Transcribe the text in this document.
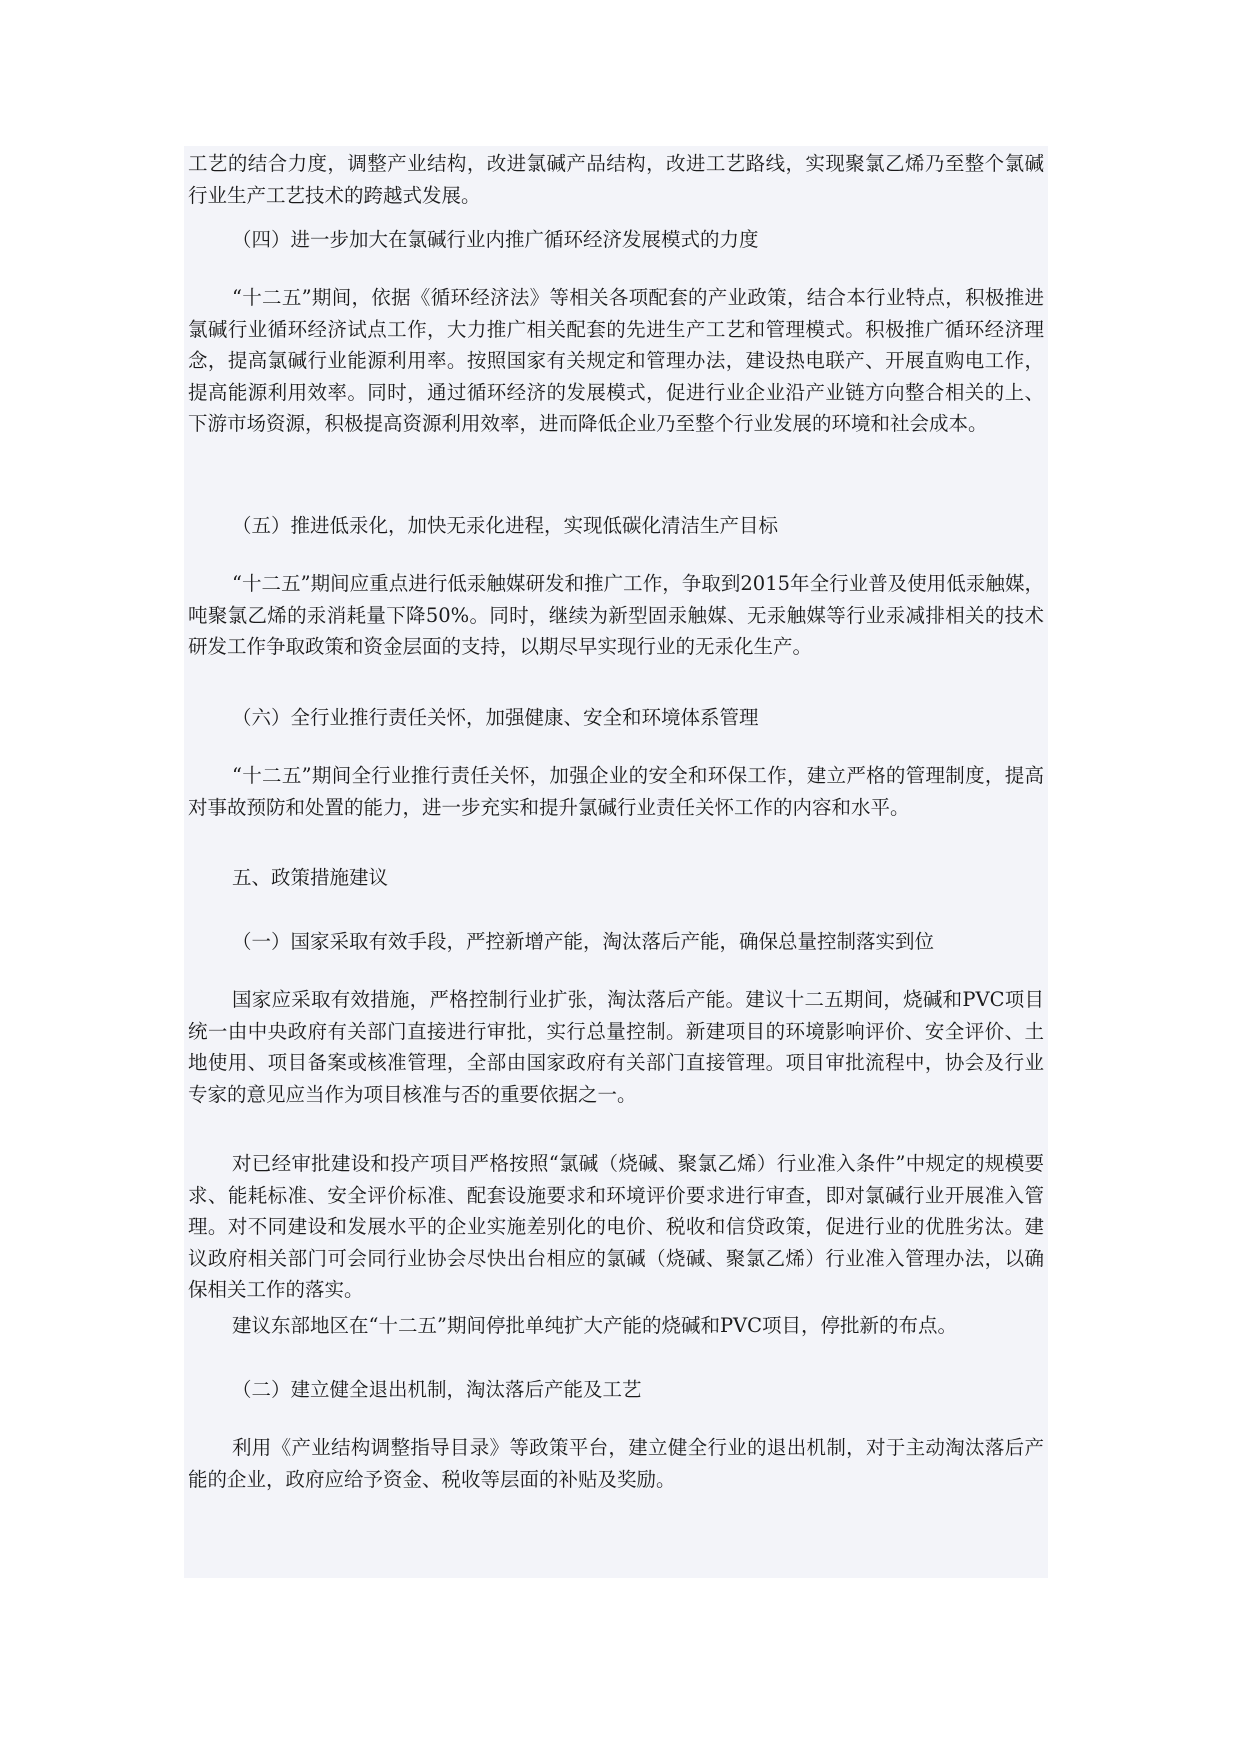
工艺的结合力度，调整产业结构，改进氯碱产品结构，改进工艺路线，实现聚氯乙烯乃至整个氯碱行业生产工艺技术的跨越式发展。

（四）进一步加大在氯碱行业内推广循环经济发展模式的力度

“十二五”期间，依据《循环经济法》等相关各项配套的产业政策，结合本行业特点，积极推进氯碱行业循环经济试点工作，大力推广相关配套的先进生产工艺和管理模式。积极推广循环经济理念，提高氯碱行业能源利用率。按照国家有关规定和管理办法，建设热电联产、开展直购电工作，提高能源利用效率。同时，通过循环经济的发展模式，促进行业企业沿产业链方向整合相关的上、下游市场资源，积极提高资源利用效率，进而降低企业乃至整个行业发展的环境和社会成本。

（五）推进低汞化，加快无汞化进程，实现低碳化清洁生产目标

“十二五”期间应重点进行低汞触媒研发和推广工作，争取到2015年全行业普及使用低汞触媒，吨聚氯乙烯的汞消耗量下降50%。同时，继续为新型固汞触媒、无汞触媒等行业汞减排相关的技术研发工作争取政策和资金层面的支持，以期尽早实现行业的无汞化生产。

（六）全行业推行责任关怀，加强健康、安全和环境体系管理

“十二五”期间全行业推行责任关怀，加强企业的安全和环保工作，建立严格的管理制度，提高对事故预防和处置的能力，进一步充实和提升氯碱行业责任关怀工作的内容和水平。

五、政策措施建议

（一）国家采取有效手段，严控新增产能，淘汰落后产能，确保总量控制落实到位

国家应采取有效措施，严格控制行业扩张，淘汰落后产能。建议十二五期间，烧碱和PVC项目统一由中央政府有关部门直接进行审批，实行总量控制。新建项目的环境影响评价、安全评价、土地使用、项目备案或核准管理，全部由国家政府有关部门直接管理。项目审批流程中，协会及行业专家的意见应当作为项目核准与否的重要依据之一。

对已经审批建设和投产项目严格按照“氯碱（烧碱、聚氯乙烯）行业准入条件”中规定的规模要求、能耗标准、安全评价标准、配套设施要求和环境评价要求进行审查，即对氯碱行业开展准入管理。对不同建设和发展水平的企业实施差别化的电价、税收和信贷政策，促进行业的优胜劣汰。建议政府相关部门可会同行业协会尽快出台相应的氯碱（烧碱、聚氯乙烯）行业准入管理办法，以确保相关工作的落实。

建议东部地区在“十二五”期间停批单纯扩大产能的烧碱和PVC项目，停批新的布点。

（二）建立健全退出机制，淘汰落后产能及工艺

利用《产业结构调整指导目录》等政策平台，建立健全行业的退出机制，对于主动淘汰落后产能的企业，政府应给予资金、税收等层面的补贴及奖励。
